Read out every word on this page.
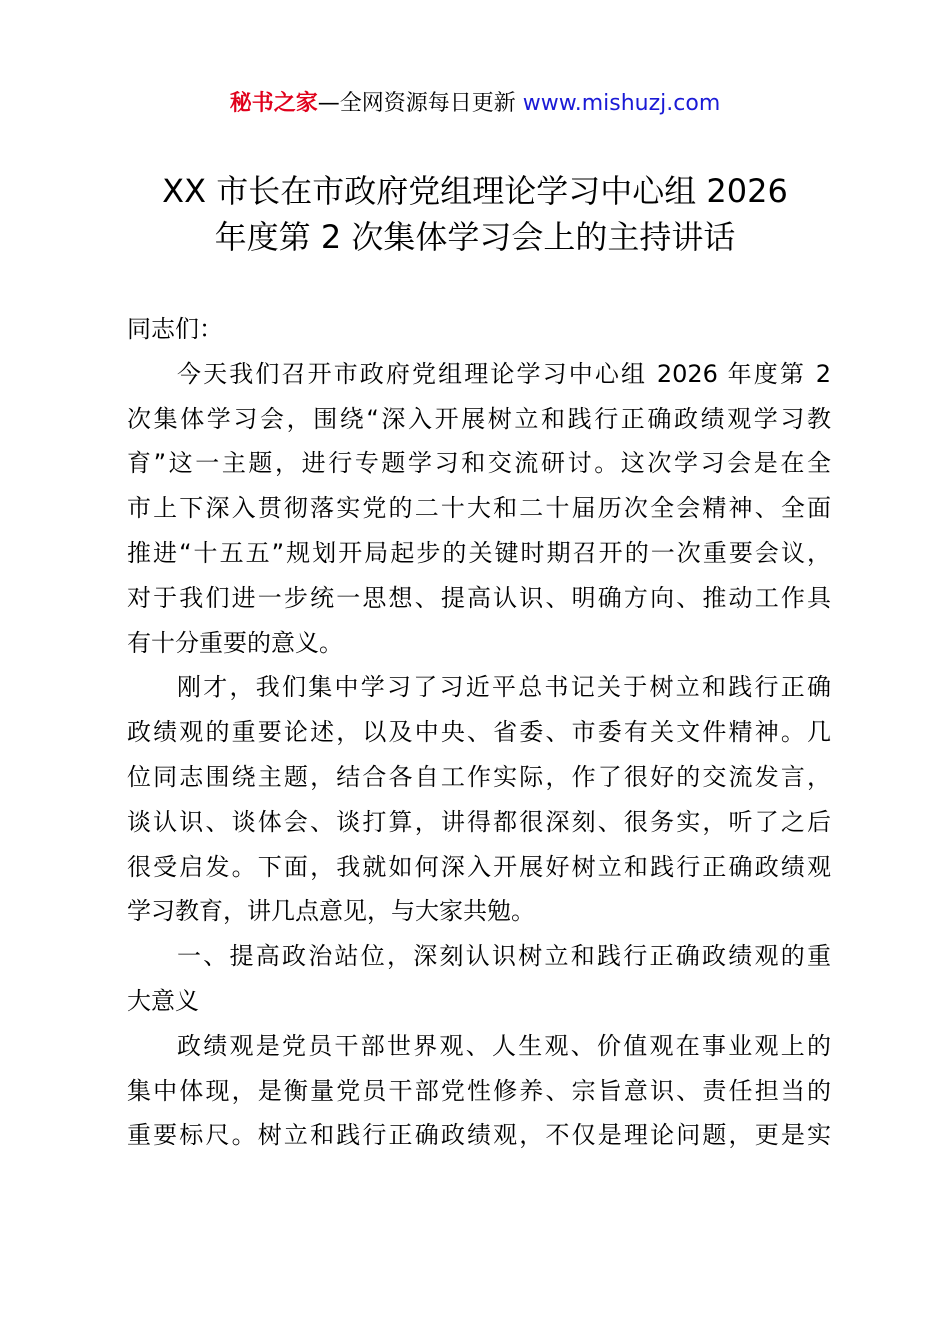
秘书之家—全网资源每日更新 www.mishuzj.com
XX 市长在市政府党组理论学习中心组 2026
年度第 2 次集体学习会上的主持讲话
同志们：
今天我们召开市政府党组理论学习中心组 2026 年度第 2
次集体学习会，围绕“深入开展树立和践行正确政绩观学习教
育”这一主题，进行专题学习和交流研讨。这次学习会是在全
市上下深入贯彻落实党的二十大和二十届历次全会精神、全面
推进“十五五”规划开局起步的关键时期召开的一次重要会议，
对于我们进一步统一思想、提高认识、明确方向、推动工作具
有十分重要的意义。
刚才，我们集中学习了习近平总书记关于树立和践行正确
政绩观的重要论述，以及中央、省委、市委有关文件精神。几
位同志围绕主题，结合各自工作实际，作了很好的交流发言，
谈认识、谈体会、谈打算，讲得都很深刻、很务实，听了之后
很受启发。下面，我就如何深入开展好树立和践行正确政绩观
学习教育，讲几点意见，与大家共勉。
一、提高政治站位，深刻认识树立和践行正确政绩观的重
大意义
政绩观是党员干部世界观、人生观、价值观在事业观上的
集中体现，是衡量党员干部党性修养、宗旨意识、责任担当的
重要标尺。树立和践行正确政绩观，不仅是理论问题，更是实
